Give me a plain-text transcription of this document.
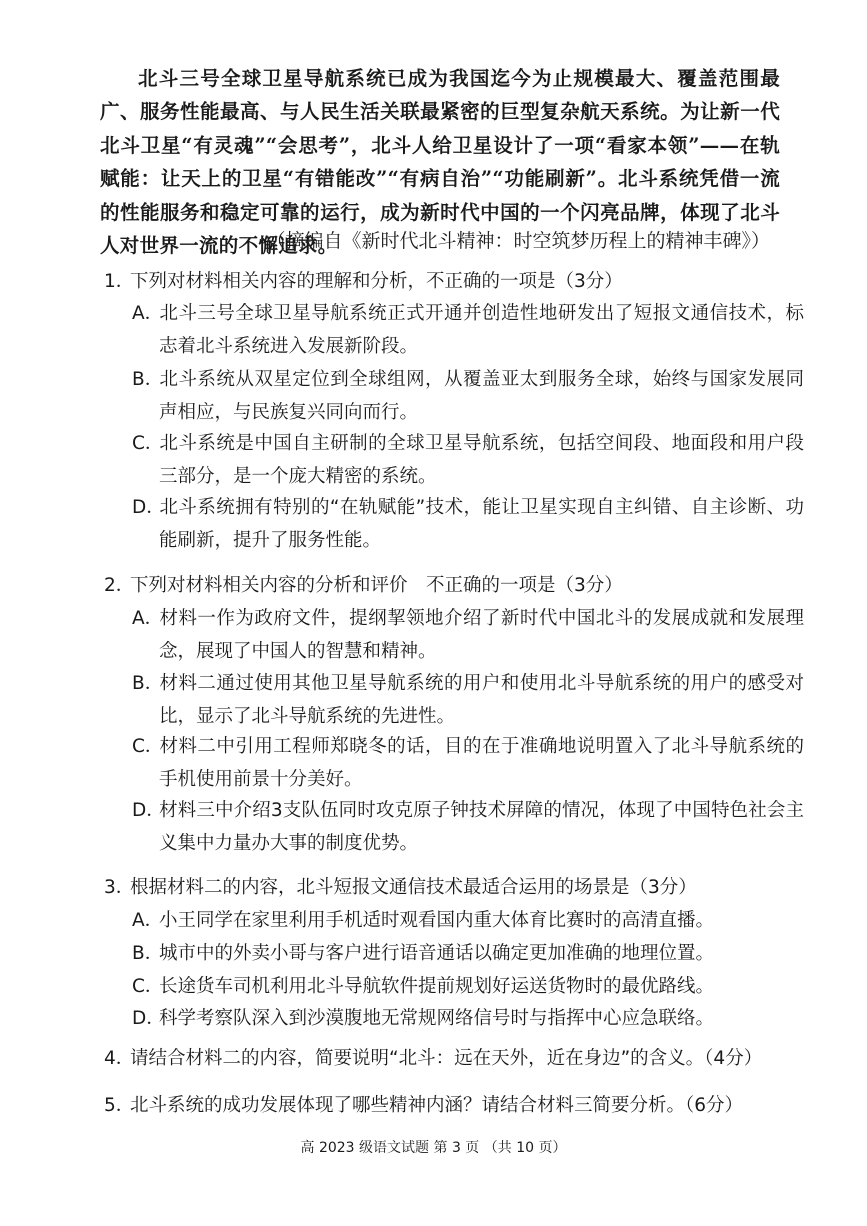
北斗三号全球卫星导航系统已成为我国迄今为止规模最大、覆盖范围最广、服务性能最高、与人民生活关联最紧密的巨型复杂航天系统。为让新一代北斗卫星“有灵魂”“会思考”，北斗人给卫星设计了一项“看家本领”——在轨赋能：让天上的卫星“有错能改”“有病自治”“功能刷新”。北斗系统凭借一流的性能服务和稳定可靠的运行，成为新时代中国的一个闪亮品牌，体现了北斗人对世界一流的不懈追求。

（摘编自《新时代北斗精神：时空筑梦历程上的精神丰碑》）

1．下列对材料相关内容的理解和分析，不正确的一项是（3分）

A．北斗三号全球卫星导航系统正式开通并创造性地研发出了短报文通信技术，标志着北斗系统进入发展新阶段。

B．北斗系统从双星定位到全球组网，从覆盖亚太到服务全球，始终与国家发展同声相应，与民族复兴同向而行。

C．北斗系统是中国自主研制的全球卫星导航系统，包括空间段、地面段和用户段三部分，是一个庞大精密的系统。

D．北斗系统拥有特别的“在轨赋能”技术，能让卫星实现自主纠错、自主诊断、功能刷新，提升了服务性能。

2．下列对材料相关内容的分析和评价　不正确的一项是（3分）

A．材料一作为政府文件，提纲挈领地介绍了新时代中国北斗的发展成就和发展理念，展现了中国人的智慧和精神。

B．材料二通过使用其他卫星导航系统的用户和使用北斗导航系统的用户的感受对比，显示了北斗导航系统的先进性。

C．材料二中引用工程师郑晓冬的话，目的在于准确地说明置入了北斗导航系统的手机使用前景十分美好。

D．材料三中介绍3支队伍同时攻克原子钟技术屏障的情况，体现了中国特色社会主义集中力量办大事的制度优势。

3．根据材料二的内容，北斗短报文通信技术最适合运用的场景是（3分）

A．小王同学在家里利用手机适时观看国内重大体育比赛时的高清直播。

B．城市中的外卖小哥与客户进行语音通话以确定更加准确的地理位置。

C．长途货车司机利用北斗导航软件提前规划好运送货物时的最优路线。

D．科学考察队深入到沙漠腹地无常规网络信号时与指挥中心应急联络。

4．请结合材料二的内容，简要说明“北斗：远在天外，近在身边”的含义。（4分）

5．北斗系统的成功发展体现了哪些精神内涵？请结合材料三简要分析。（6分）

高 2023 级语文试题 第 3 页 （共 10 页）
